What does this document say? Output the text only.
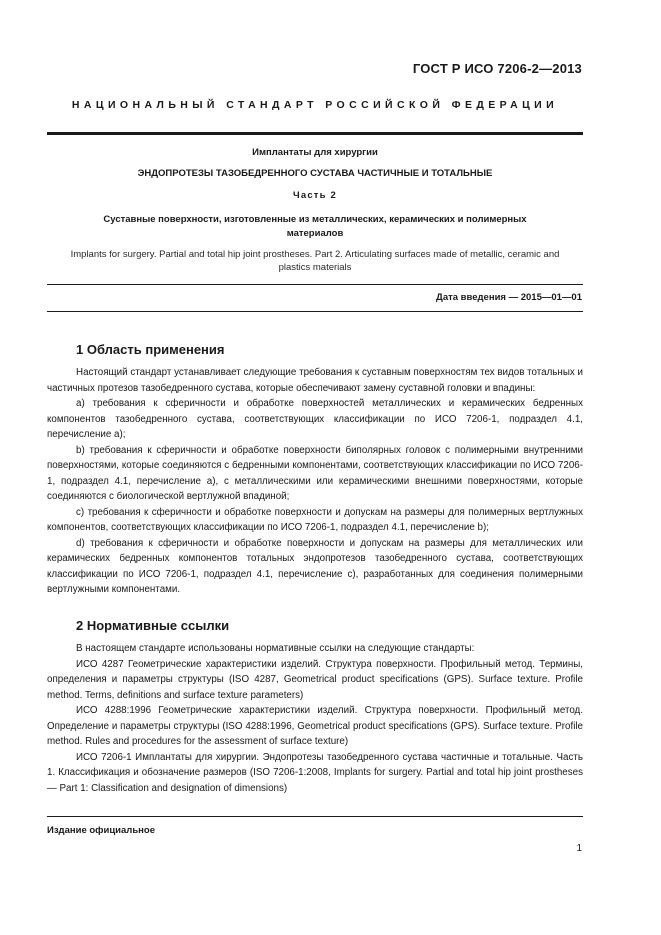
ГОСТ Р ИСО 7206-2—2013
НАЦИОНАЛЬНЫЙ СТАНДАРТ РОССИЙСКОЙ ФЕДЕРАЦИИ
Имплантаты для хирургии
ЭНДОПРОТЕЗЫ ТАЗОБЕДРЕННОГО СУСТАВА ЧАСТИЧНЫЕ И ТОТАЛЬНЫЕ
Часть 2
Суставные поверхности, изготовленные из металлических, керамических и полимерных материалов
Implants for surgery. Partial and total hip joint prostheses. Part 2. Articulating surfaces made of metallic, ceramic and plastics materials
Дата введения — 2015—01—01
1 Область применения

Настоящий стандарт устанавливает следующие требования к суставным поверхностям тех видов тотальных и частичных протезов тазобедренного сустава, которые обеспечивают замену суставной головки и впадины:

а) требования к сферичности и обработке поверхностей металлических и керамических бедренных компонентов тазобедренного сустава, соответствующих классификации по ИСО 7206-1, подраздел 4.1, перечисление а);

b) требования к сферичности и обработке поверхности биполярных головок с полимерными внутренними поверхностями, которые соединяются с бедренными компонентами, соответствующих классификации по ИСО 7206-1, подраздел 4.1, перечисление а), с металлическими или керамическими внешними поверхностями, которые соединяются с биологической вертлужной впадиной;

с) требования к сферичности и обработке поверхности и допускам на размеры для полимерных вертлужных компонентов, соответствующих классификации по ИСО 7206-1, подраздел 4.1, перечисление b);

d) требования к сферичности и обработке поверхности и допускам на размеры для металлических или керамических бедренных компонентов тотальных эндопротезов тазобедренного сустава, соответствующих классификации по ИСО 7206-1, подраздел 4.1, перечисление с), разработанных для соединения полимерными вертлужными компонентами.

2 Нормативные ссылки

В настоящем стандарте использованы нормативные ссылки на следующие стандарты:

ИСО 4287 Геометрические характеристики изделий. Структура поверхности. Профильный метод. Термины, определения и параметры структуры (ISO 4287, Geometrical product specifications (GPS). Surface texture. Profile method. Terms, definitions and surface texture parameters)

ИСО 4288:1996 Геометрические характеристики изделий. Структура поверхности. Профильный метод. Определение и параметры структуры (ISO 4288:1996, Geometrical product specifications (GPS). Surface texture. Profile method. Rules and procedures for the assessment of surface texture)

ИСО 7206-1 Имплантаты для хирургии. Эндопротезы тазобедренного сустава частичные и тотальные. Часть 1. Классификация и обозначение размеров (ISO 7206-1:2008, Implants for surgery. Partial and total hip joint prostheses — Part 1: Classification and designation of dimensions)

Издание официальное
1
